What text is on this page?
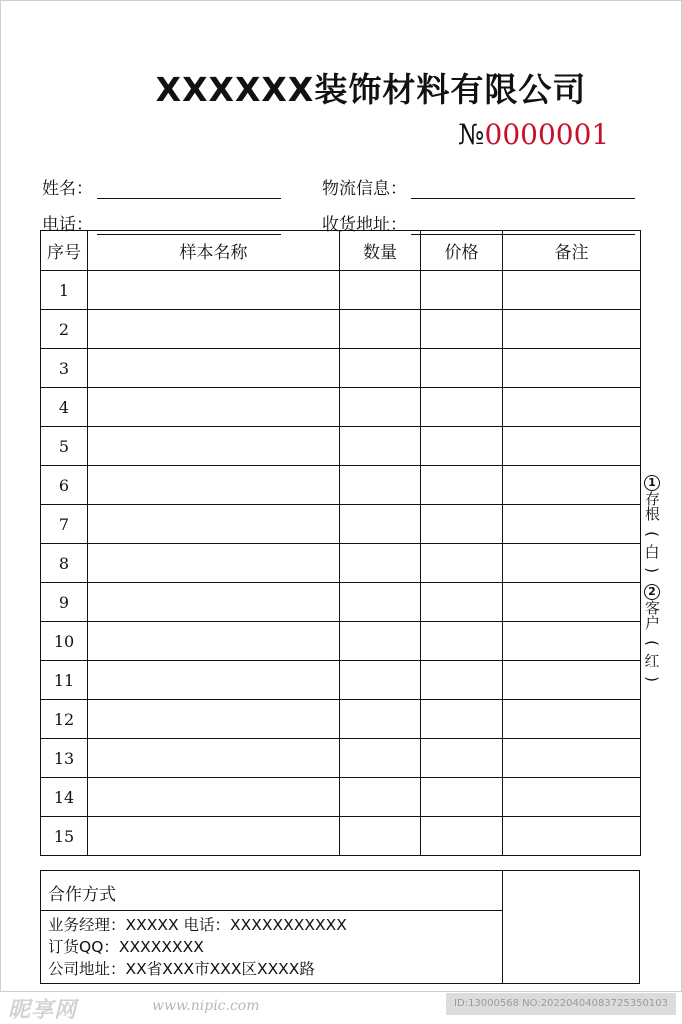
XXXXXX装饰材料有限公司
№0000001
姓名：	物流信息：
电话：	收货地址：
序号	样本名称	数量	价格	备注
1				
2				
3				
4				
5				
6				
7				
8				
9				
10				
11				
12				
13				
14				
15				
合作方式
业务经理：XXXXX 电话：XXXXXXXXXXX
订货QQ：XXXXXXXX
公司地址：XX省XXX市XXX区XXXX路
1
存根
(
白
)
2
客户
(
红
)
昵享网	www.nipic.com	ID:13000568 NO:20220404083725350103
